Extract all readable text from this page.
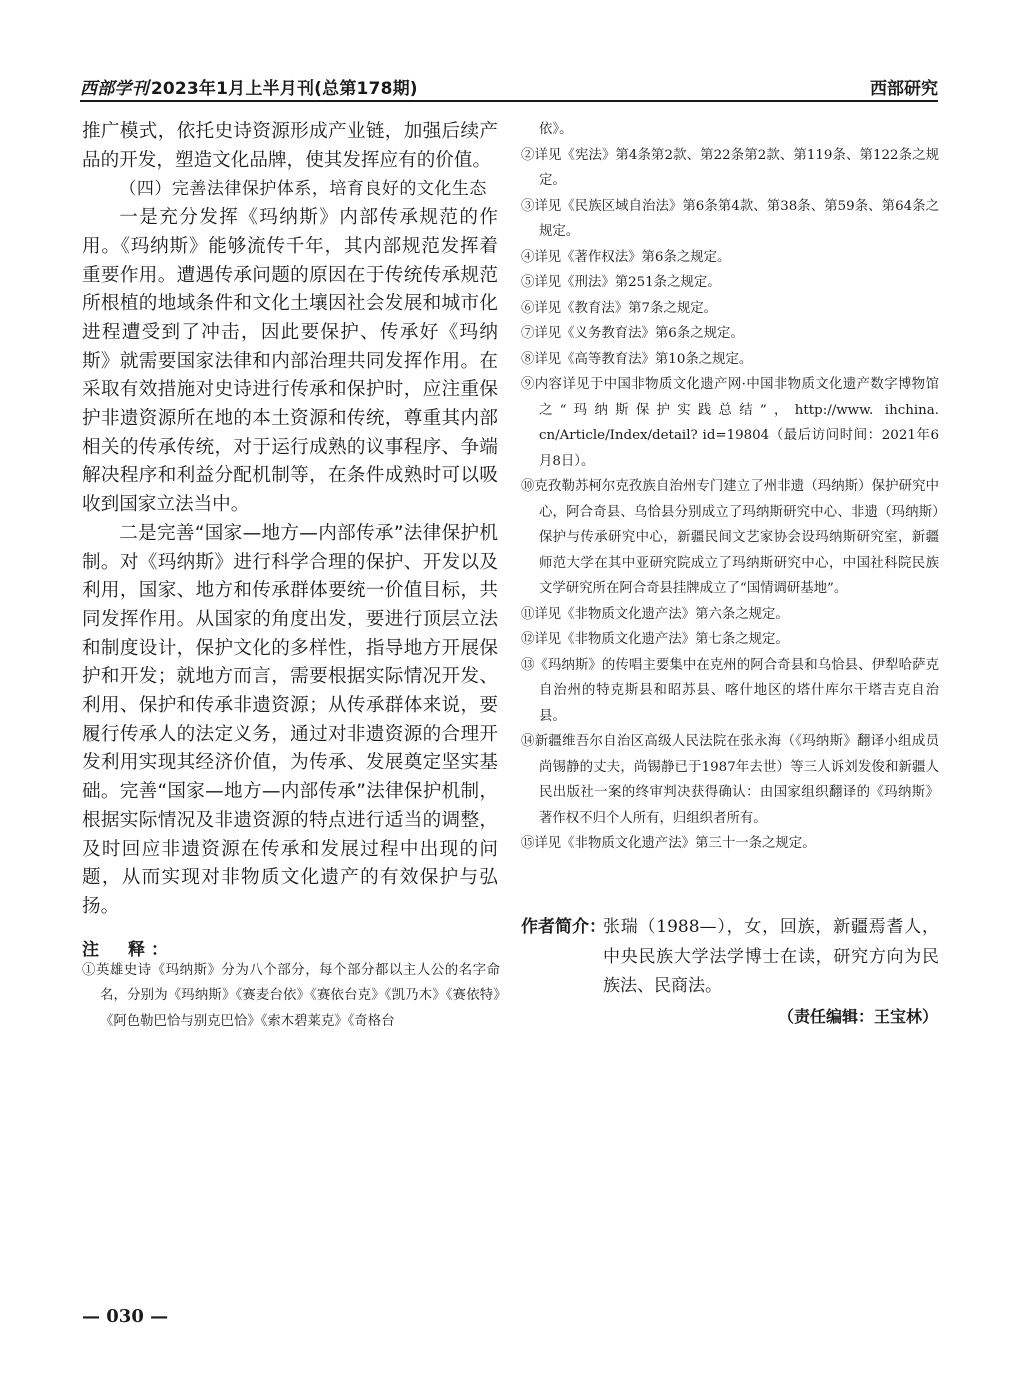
西部学刊 2023年1月上半月刊(总第178期)	西部研究

推广模式，依托史诗资源形成产业链，加强后续产品的开发，塑造文化品牌，使其发挥应有的价值。

（四）完善法律保护体系，培育良好的文化生态

一是充分发挥《玛纳斯》内部传承规范的作用。《玛纳斯》能够流传千年，其内部规范发挥着重要作用。遭遇传承问题的原因在于传统传承规范所根植的地域条件和文化土壤因社会发展和城市化进程遭受到了冲击，因此要保护、传承好《玛纳斯》就需要国家法律和内部治理共同发挥作用。在采取有效措施对史诗进行传承和保护时，应注重保护非遗资源所在地的本土资源和传统，尊重其内部相关的传承传统，对于运行成熟的议事程序、争端解决程序和利益分配机制等，在条件成熟时可以吸收到国家立法当中。

二是完善“国家—地方—内部传承”法律保护机制。对《玛纳斯》进行科学合理的保护、开发以及利用，国家、地方和传承群体要统一价值目标，共同发挥作用。从国家的角度出发，要进行顶层立法和制度设计，保护文化的多样性，指导地方开展保护和开发；就地方而言，需要根据实际情况开发、利用、保护和传承非遗资源；从传承群体来说，要履行传承人的法定义务，通过对非遗资源的合理开发利用实现其经济价值，为传承、发展奠定坚实基础。完善“国家—地方—内部传承”法律保护机制，根据实际情况及非遗资源的特点进行适当的调整，及时回应非遗资源在传承和发展过程中出现的问题，从而实现对非物质文化遗产的有效保护与弘扬。

注　释：

①英雄史诗《玛纳斯》分为八个部分，每个部分都以主人公的名字命名，分别为《玛纳斯》《赛麦台依》《赛依台克》《凯乃木》《赛依特》《阿色勒巴恰与别克巴恰》《索木碧莱克》《奇格台

依》。

②详见《宪法》第4条第2款、第22条第2款、第119条、第122条之规定。

③详见《民族区域自治法》第6条第4款、第38条、第59条、第64条之规定。

④详见《著作权法》第6条之规定。

⑤详见《刑法》第251条之规定。

⑥详见《教育法》第7条之规定。

⑦详见《义务教育法》第6条之规定。

⑧详见《高等教育法》第10条之规定。

⑨内容详见于中国非物质文化遗产网·中国非物质文化遗产数字博物馆之“玛纳斯保护实践总结”，http://www. ihchina. cn/Article/Index/detail? id=19804（最后访问时间：2021年6月8日）。

⑩克孜勒苏柯尔克孜族自治州专门建立了州非遗（玛纳斯）保护研究中心，阿合奇县、乌恰县分别成立了玛纳斯研究中心、非遗（玛纳斯）保护与传承研究中心，新疆民间文艺家协会设玛纳斯研究室，新疆师范大学在其中亚研究院成立了玛纳斯研究中心，中国社科院民族文学研究所在阿合奇县挂牌成立了“国情调研基地”。

⑪详见《非物质文化遗产法》第六条之规定。

⑫详见《非物质文化遗产法》第七条之规定。

⑬《玛纳斯》的传唱主要集中在克州的阿合奇县和乌恰县、伊犁哈萨克自治州的特克斯县和昭苏县、喀什地区的塔什库尔干塔吉克自治县。

⑭新疆维吾尔自治区高级人民法院在张永海（《玛纳斯》翻译小组成员尚锡静的丈夫，尚锡静已于1987年去世）等三人诉刘发俊和新疆人民出版社一案的终审判决获得确认：由国家组织翻译的《玛纳斯》著作权不归个人所有，归组织者所有。

⑮详见《非物质文化遗产法》第三十一条之规定。

作者简介：
张瑞（1988—），女，回族，新疆焉耆人，中央民族大学法学博士在读，研究方向为民族法、民商法。
（责任编辑：王宝林）
— 030 —
